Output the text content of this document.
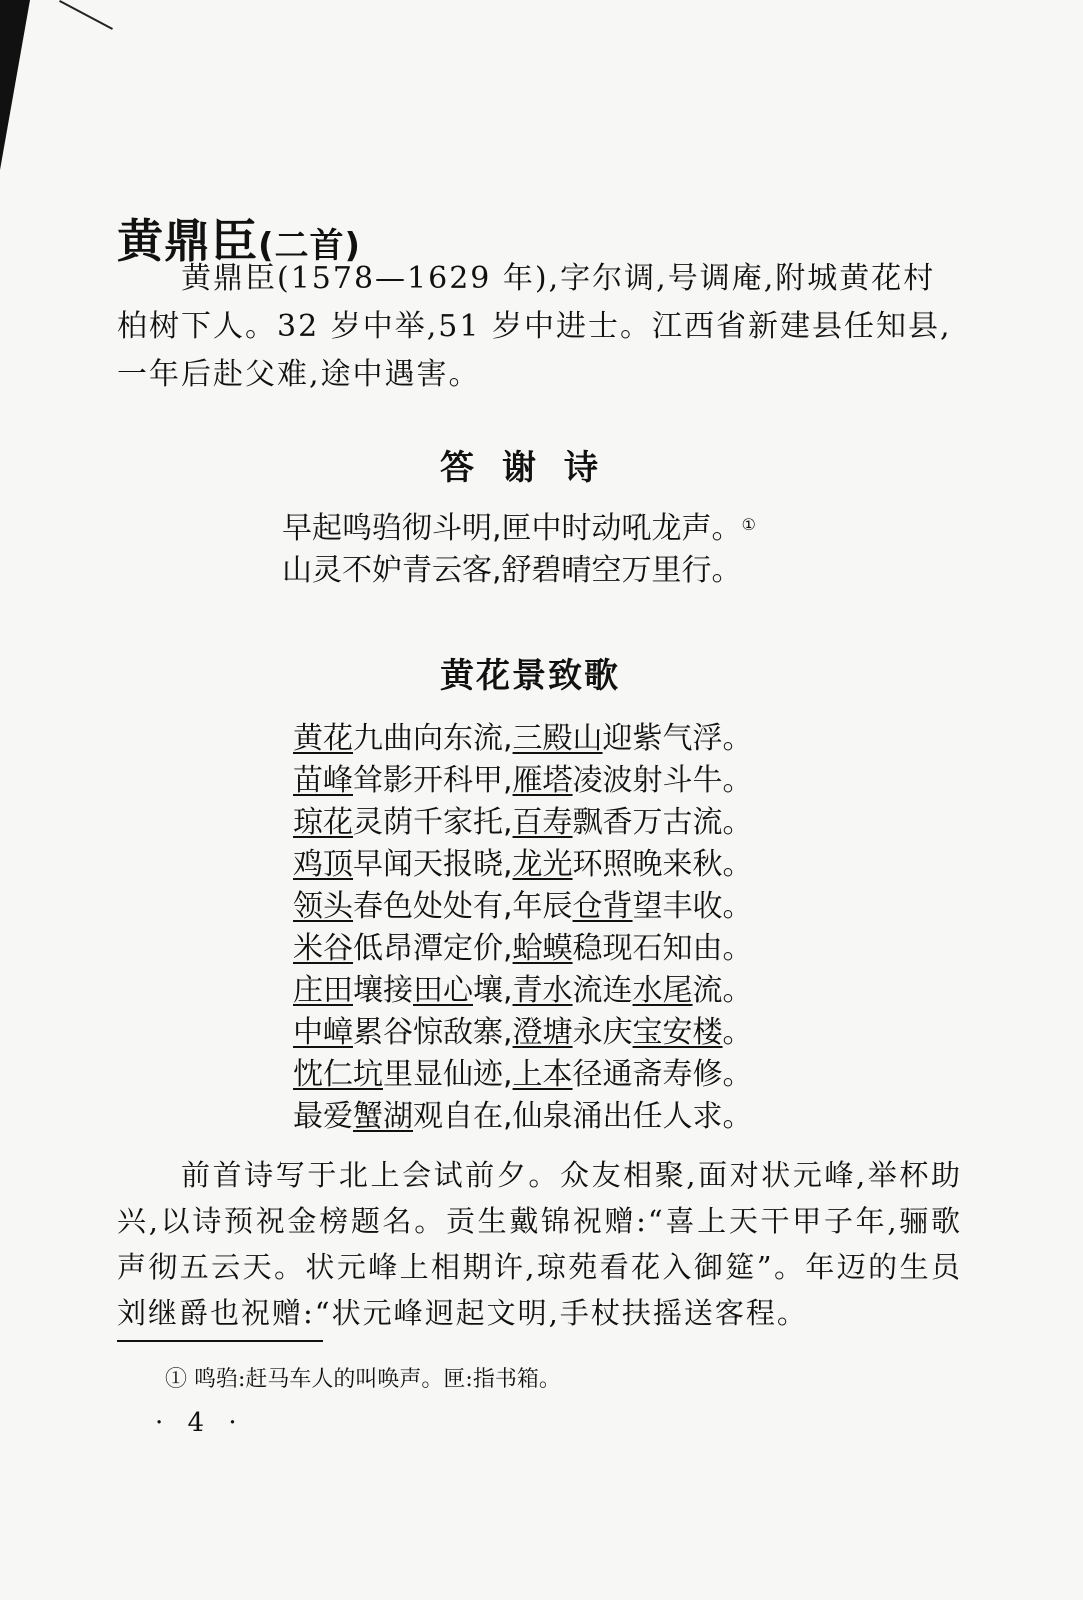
黄鼎臣(二首)
黄鼎臣(1578—1629 年),字尔调,号调庵,附城黄花村柏树下人。32 岁中举,51 岁中进士。江西省新建县任知县,一年后赴父难,途中遇害。
答谢诗
早起鸣驺彻斗明,匣中时动吼龙声。①
山灵不妒青云客,舒碧晴空万里行。
黄花景致歌
黄花九曲向东流,三殿山迎紫气浮。
苗峰耸影开科甲,雁塔凌波射斗牛。
琼花灵荫千家托,百寿飘香万古流。
鸡顶早闻天报晓,龙光环照晚来秋。
领头春色处处有,年辰仓背望丰收。
米谷低昂潭定价,蛤蟆稳现石知由。
庄田壤接田心壤,青水流连水尾流。
中嶂累谷惊敌寨,澄塘永庆宝安楼。
忱仁坑里显仙迹,上本径通斋寿修。
最爱蟹湖观自在,仙泉涌出任人求。
前首诗写于北上会试前夕。众友相聚,面对状元峰,举杯助兴,以诗预祝金榜题名。贡生戴锦祝赠:“喜上天干甲子年,骊歌声彻五云天。状元峰上相期许,琼苑看花入御筵”。年迈的生员刘继爵也祝赠:“状元峰迥起文明,手杖扶摇送客程。
① 鸣驺:赶马车人的叫唤声。匣:指书箱。
· 4 ·
